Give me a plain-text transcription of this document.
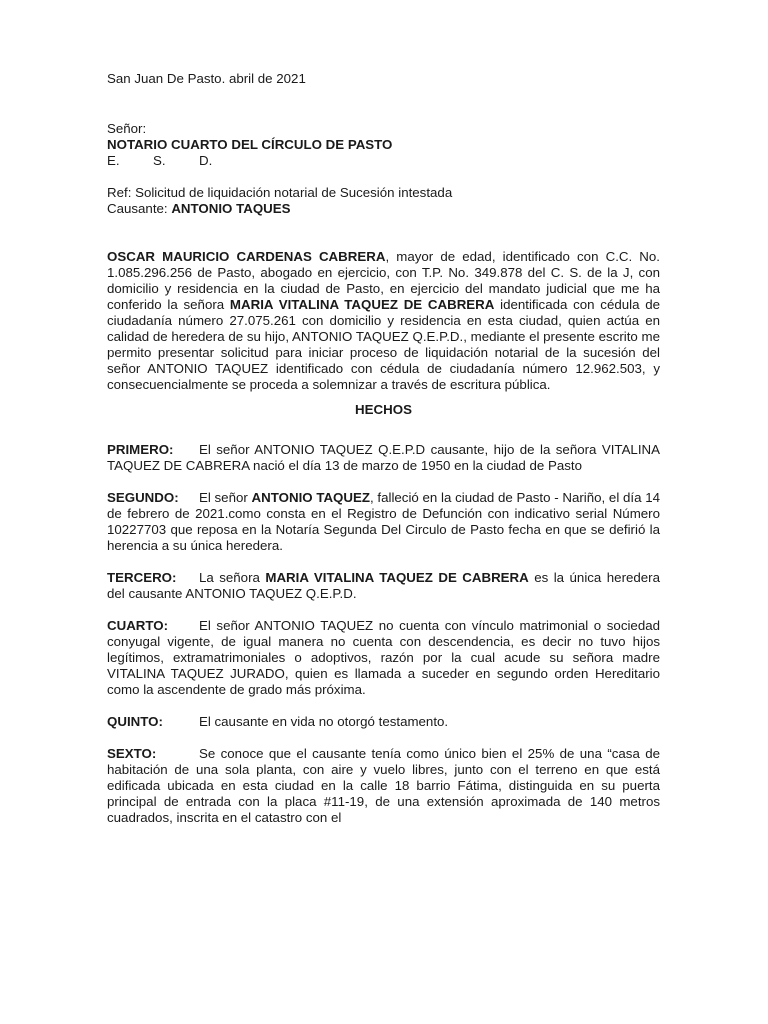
San Juan De Pasto. abril de 2021

Señor:

NOTARIO CUARTO DEL CÍRCULO DE PASTO

E.	S.	D.

Ref: Solicitud de liquidación notarial de Sucesión intestada

Causante: ANTONIO TAQUES

OSCAR MAURICIO CARDENAS CABRERA, mayor de edad, identificado con C.C. No. 1.085.296.256 de Pasto, abogado en ejercicio, con T.P. No. 349.878 del C. S. de la J, con domicilio y residencia en la ciudad de Pasto, en ejercicio del mandato judicial que me ha conferido la señora MARIA VITALINA TAQUEZ DE CABRERA identificada con cédula de ciudadanía número 27.075.261 con domicilio y residencia en esta ciudad, quien actúa en calidad de heredera de su hijo, ANTONIO TAQUEZ Q.E.P.D., mediante el presente escrito me permito presentar solicitud para iniciar proceso de liquidación notarial de la sucesión del señor ANTONIO TAQUEZ identificado con cédula de ciudadanía número 12.962.503, y consecuencialmente se proceda a solemnizar a través de escritura pública.

HECHOS

PRIMERO: El señor ANTONIO TAQUEZ Q.E.P.D causante, hijo de la señora VITALINA TAQUEZ DE CABRERA nació el día 13 de marzo de 1950 en la ciudad de Pasto

SEGUNDO: El señor ANTONIO TAQUEZ, falleció en la ciudad de Pasto - Nariño, el día 14 de febrero de 2021.como consta en el Registro de Defunción con indicativo serial Número 10227703 que reposa en la Notaría Segunda Del Circulo de Pasto fecha en que se defirió la herencia a su única heredera.

TERCERO: La señora MARIA VITALINA TAQUEZ DE CABRERA es la única heredera del causante ANTONIO TAQUEZ Q.E.P.D.

CUARTO: El señor ANTONIO TAQUEZ no cuenta con vínculo matrimonial o sociedad conyugal vigente, de igual manera no cuenta con descendencia, es decir no tuvo hijos legítimos, extramatrimoniales o adoptivos, razón por la cual acude su señora madre VITALINA TAQUEZ JURADO, quien es llamada a suceder en segundo orden Hereditario como la ascendente de grado más próxima.

QUINTO:	El causante en vida no otorgó testamento.

SEXTO:	Se conoce que el causante tenía como único bien el 25% de una “casa de habitación de una sola planta, con aire y vuelo libres, junto con el terreno en que está edificada ubicada en esta ciudad en la calle 18 barrio Fátima, distinguida en su puerta principal de entrada con la placa #11-19, de una extensión aproximada de 140 metros cuadrados, inscrita en el catastro con el
